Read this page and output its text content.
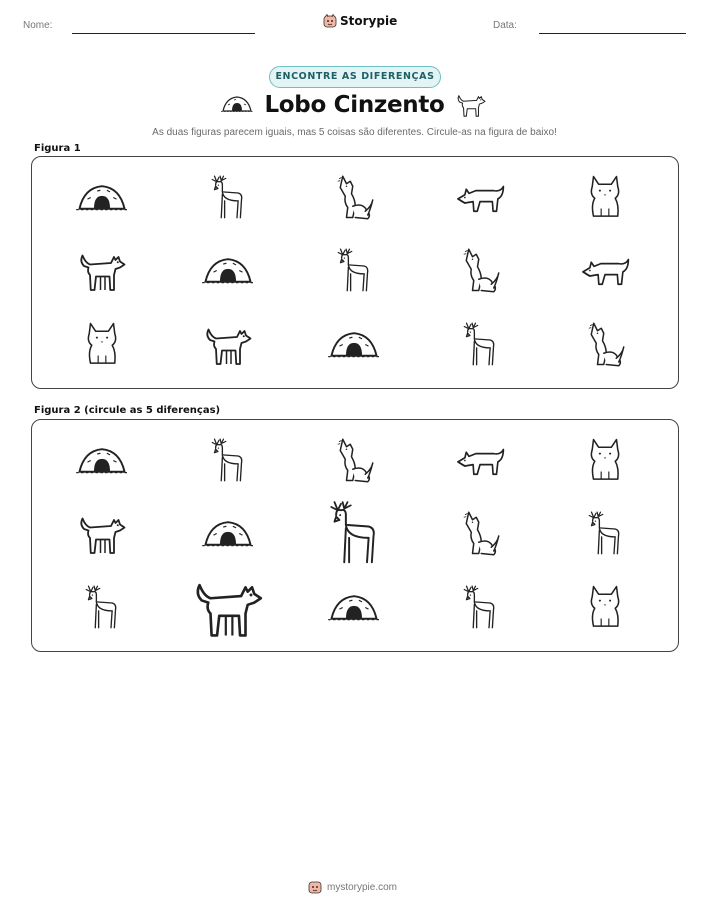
Nome:	Storypie	Data:
ENCONTRE AS DIFERENÇAS
Lobo Cinzento
As duas figuras parecem iguais, mas 5 coisas são diferentes. Circule-as na figura de baixo!
Figura 1
Figura 2 (circule as 5 diferenças)
mystorypie.com
